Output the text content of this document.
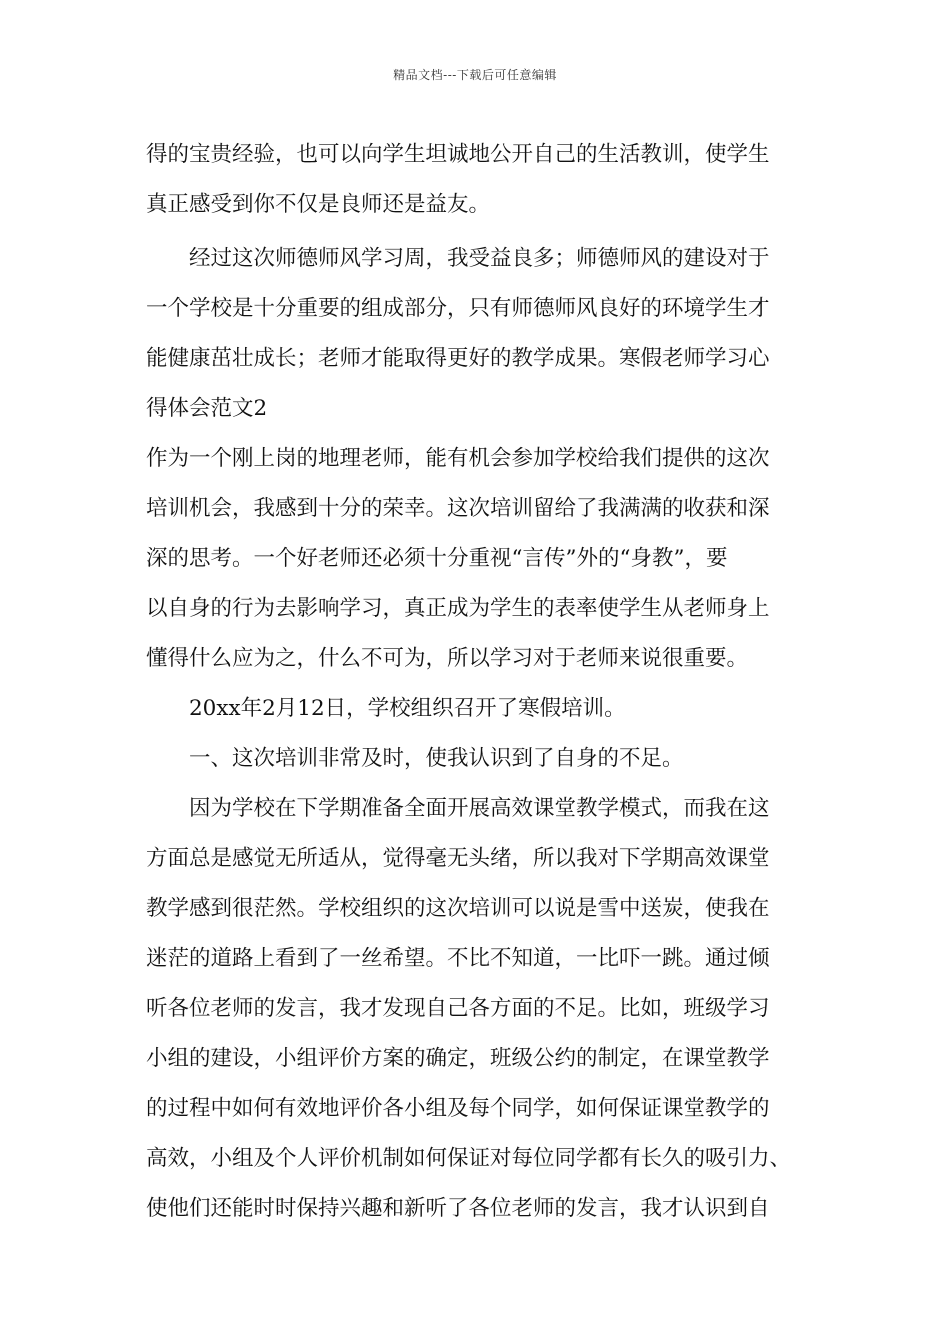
精品文档---下载后可任意编辑
得的宝贵经验，也可以向学生坦诚地公开自己的生活教训，使学生
真正感受到你不仅是良师还是益友。
经过这次师德师风学习周，我受益良多；师德师风的建设对于
一个学校是十分重要的组成部分，只有师德师风良好的环境学生才
能健康茁壮成长；老师才能取得更好的教学成果。寒假老师学习心
得体会范文2
作为一个刚上岗的地理老师，能有机会参加学校给我们提供的这次
培训机会，我感到十分的荣幸。这次培训留给了我满满的收获和深
深的思考。一个好老师还必须十分重视“言传”外的“身教”，要
以自身的行为去影响学习，真正成为学生的表率使学生从老师身上
懂得什么应为之，什么不可为，所以学习对于老师来说很重要。
20xx年2月12日，学校组织召开了寒假培训。
一、这次培训非常及时，使我认识到了自身的不足。
因为学校在下学期准备全面开展高效课堂教学模式，而我在这
方面总是感觉无所适从，觉得毫无头绪，所以我对下学期高效课堂
教学感到很茫然。学校组织的这次培训可以说是雪中送炭，使我在
迷茫的道路上看到了一丝希望。不比不知道，一比吓一跳。通过倾
听各位老师的发言，我才发现自己各方面的不足。比如，班级学习
小组的建设，小组评价方案的确定，班级公约的制定，在课堂教学
的过程中如何有效地评价各小组及每个同学，如何保证课堂教学的
高效，小组及个人评价机制如何保证对每位同学都有长久的吸引力、
使他们还能时时保持兴趣和新听了各位老师的发言，我才认识到自
